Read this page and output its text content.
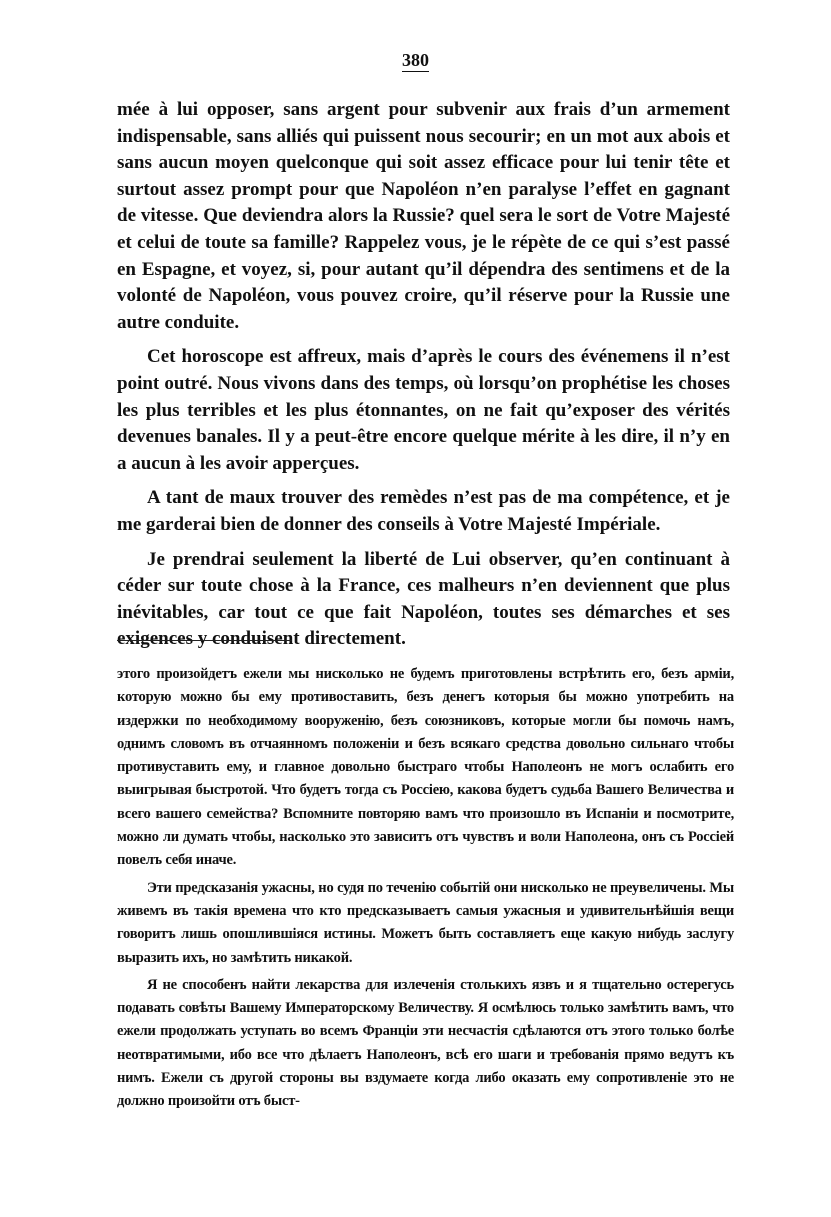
380

mée à lui opposer, sans argent pour subvenir aux frais d’un armement indispensable, sans alliés qui puissent nous secourir; en un mot aux abois et sans aucun moyen quelconque qui soit assez efficace pour lui tenir tête et surtout assez prompt pour que Napoléon n’en paralyse l’effet en gagnant de vitesse. Que deviendra alors la Russie? quel sera le sort de Votre Majesté et celui de toute sa famille? Rappelez vous, je le répète de ce qui s’est passé en Espagne, et voyez, si, pour autant qu’il dépendra des sentimens et de la volonté de Napoléon, vous pouvez croire, qu’il réserve pour la Russie une autre conduite.

Cet horoscope est affreux, mais d’après le cours des événemens il n’est point outré. Nous vivons dans des temps, où lorsqu’on prophétise les choses les plus terribles et les plus étonnantes, on ne fait qu’exposer des vérités devenues banales. Il y a peut-être encore quelque mérite à les dire, il n’y en a aucun à les avoir apperçues.

A tant de maux trouver des remèdes n’est pas de ma compétence, et je me garderai bien de donner des conseils à Votre Majesté Impériale.

Je prendrai seulement la liberté de Lui observer, qu’en continuant à céder sur toute chose à la France, ces malheurs n’en deviennent que plus inévitables, car tout ce que fait Napoléon, toutes ses démarches et ses exigences y conduisent directement.

этого произойдетъ ежели мы нисколько не будемъ приготовлены встрѣтить его, безъ арміи, которую можно бы ему противоставить, безъ денегъ которыя бы можно употребить на издержки по необходимому вооруженію, безъ союзниковъ, которые могли бы помочь намъ, однимъ словомъ въ отчаянномъ положеніи и безъ всякаго средства довольно сильнаго чтобы противуставить ему, и главное довольно быстраго чтобы Наполеонъ не могъ ослабить его выигрывая быстротой. Что будетъ тогда съ Россіею, какова будетъ судьба Вашего Величества и всего вашего семейства? Вспомните повторяю вамъ что произошло въ Испаніи и посмотрите, можно ли думать чтобы, насколько это зависитъ отъ чувствъ и воли Наполеона, онъ съ Россіей повелъ себя иначе.

Эти предсказанія ужасны, но судя по теченію событій они нисколько не преувеличены. Мы живемъ въ такія времена что кто предсказываетъ самыя ужасныя и удивительнѣйшія вещи говоритъ лишь опошлившіяся истины. Можетъ быть составляетъ еще какую нибудь заслугу выразить ихъ, но замѣтить никакой.

Я не способенъ найти лекарства для излеченія столькихъ язвъ и я тщательно остерегусь подавать совѣты Вашему Императорскому Величеству. Я осмѣлюсь только замѣтить вамъ, что ежели продолжать уступать во всемъ Франціи эти несчастія сдѣлаются отъ этого только болѣе неотвратимыми, ибо все что дѣлаетъ Наполеонъ, всѣ его шаги и требованія прямо ведутъ къ нимъ. Ежели съ другой стороны вы вздумаете когда либо оказать ему сопротивленіе это не должно произойти отъ быст-
